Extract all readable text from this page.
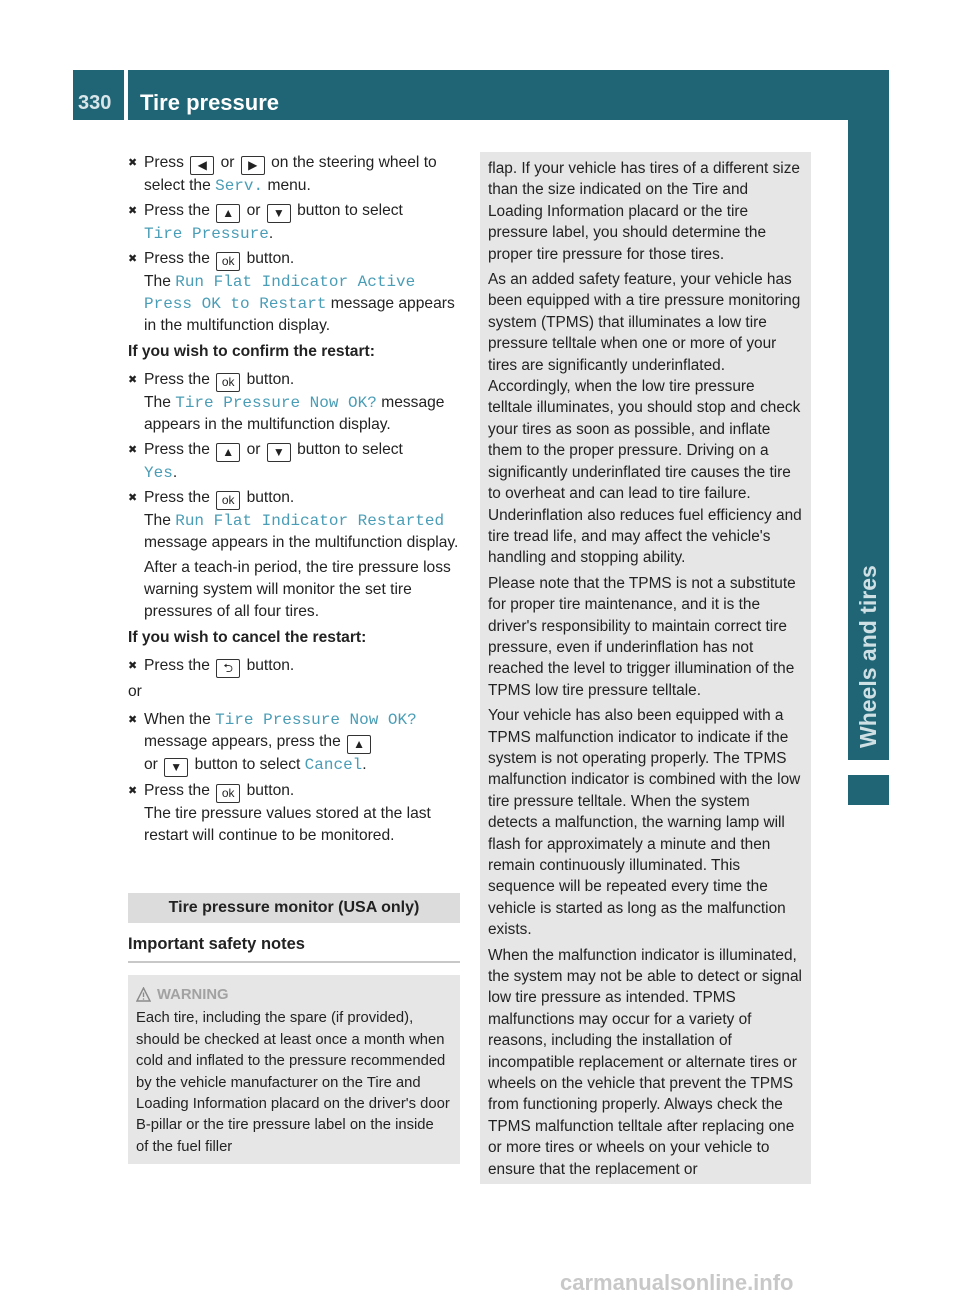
330 Tire pressure
Wheels and tires
✖ Press ◀ or ▶ on the steering wheel to select the Serv. menu.
✖ Press the ▲ or ▼ button to select
Tire Pressure.
✖ Press the ok button.
The Run Flat Indicator Active
Press OK to Restart message appears in the multifunction display.
If you wish to confirm the restart:
✖ Press the ok button.
The Tire Pressure Now OK? message appears in the multifunction display.
✖ Press the ▲ or ▼ button to select
Yes.
✖ Press the ok button.
The Run Flat Indicator Restarted
message appears in the multifunction display.

After a teach-in period, the tire pressure loss warning system will monitor the set tire pressures of all four tires.

If you wish to cancel the restart:
✖ Press the ⮌ button.
or
✖ When the Tire Pressure Now OK?
message appears, press the ▲
or ▼ button to select Cancel.
✖ Press the ok button.
The tire pressure values stored at the last restart will continue to be monitored.
Tire pressure monitor (USA only)
Important safety notes
WARNING
Each tire, including the spare (if provided), should be checked at least once a month when cold and inflated to the pressure recommended by the vehicle manufacturer on the Tire and Loading Information placard on the driver's door B-pillar or the tire pressure label on the inside of the fuel filler

flap. If your vehicle has tires of a different size than the size indicated on the Tire and Loading Information placard or the tire pressure label, you should determine the proper tire pressure for those tires.

As an added safety feature, your vehicle has been equipped with a tire pressure monitoring system (TPMS) that illuminates a low tire pressure telltale when one or more of your tires are significantly underinflated. Accordingly, when the low tire pressure telltale illuminates, you should stop and check your tires as soon as possible, and inflate them to the proper pressure. Driving on a significantly underinflated tire causes the tire to overheat and can lead to tire failure. Underinflation also reduces fuel efficiency and tire tread life, and may affect the vehicle's handling and stopping ability.

Please note that the TPMS is not a substitute for proper tire maintenance, and it is the driver's responsibility to maintain correct tire pressure, even if underinflation has not reached the level to trigger illumination of the TPMS low tire pressure telltale.

Your vehicle has also been equipped with a TPMS malfunction indicator to indicate if the system is not operating properly. The TPMS malfunction indicator is combined with the low tire pressure telltale. When the system detects a malfunction, the warning lamp will flash for approximately a minute and then remain continuously illuminated. This sequence will be repeated every time the vehicle is started as long as the malfunction exists.

When the malfunction indicator is illuminated, the system may not be able to detect or signal low tire pressure as intended. TPMS malfunctions may occur for a variety of reasons, including the installation of incompatible replacement or alternate tires or wheels on the vehicle that prevent the TPMS from functioning properly. Always check the TPMS malfunction telltale after replacing one or more tires or wheels on your vehicle to ensure that the replacement or

carmanualsonline.info
